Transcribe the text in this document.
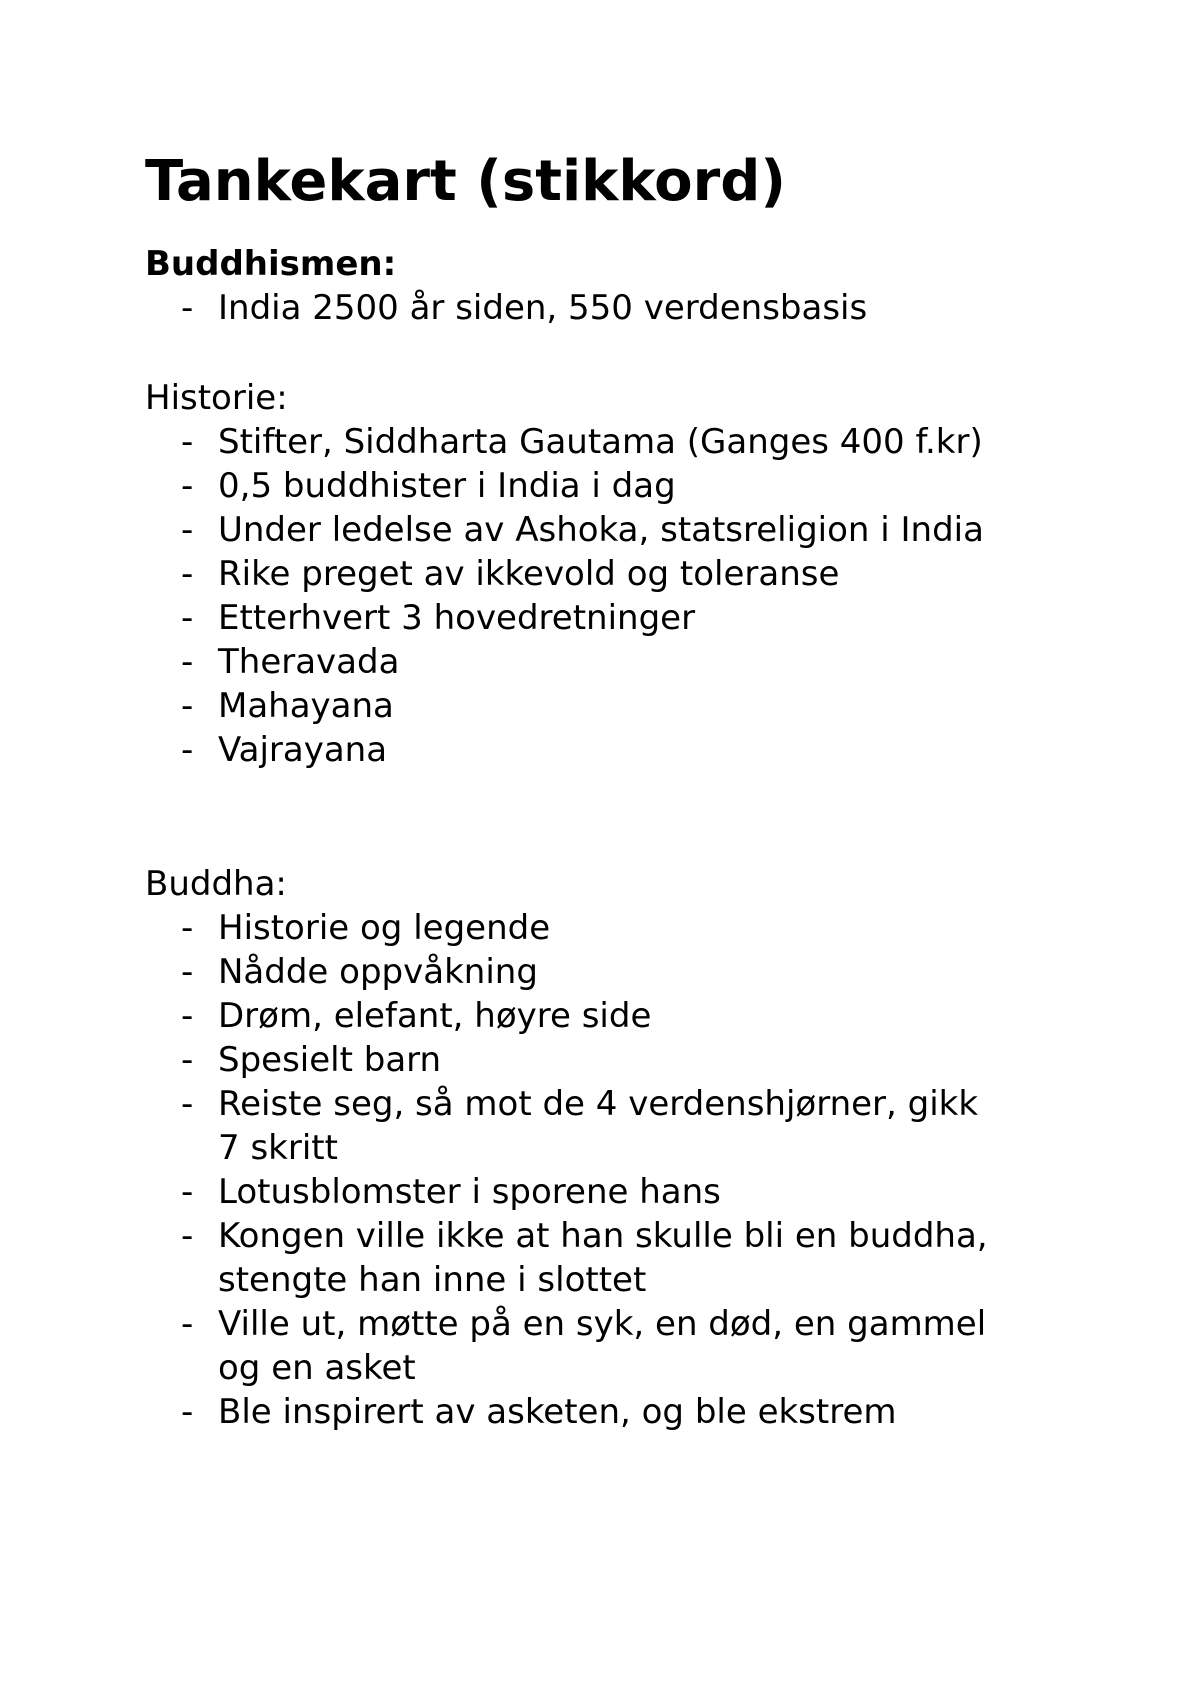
Tankekart (stikkord)
Buddhismen:
- India 2500 år siden, 550 verdensbasis
Historie:
- Stifter, Siddharta Gautama (Ganges 400 f.kr)
- 0,5 buddhister i India i dag
- Under ledelse av Ashoka, statsreligion i India
- Rike preget av ikkevold og toleranse
- Etterhvert 3 hovedretninger
- Theravada
- Mahayana
- Vajrayana
Buddha:
- Historie og legende
- Nådde oppvåkning
- Drøm, elefant, høyre side
- Spesielt barn
- Reiste seg, så mot de 4 verdenshjørner, gikk
7 skritt
- Lotusblomster i sporene hans
- Kongen ville ikke at han skulle bli en buddha,
stengte han inne i slottet
- Ville ut, møtte på en syk, en død, en gammel
og en asket
- Ble inspirert av asketen, og ble ekstrem
